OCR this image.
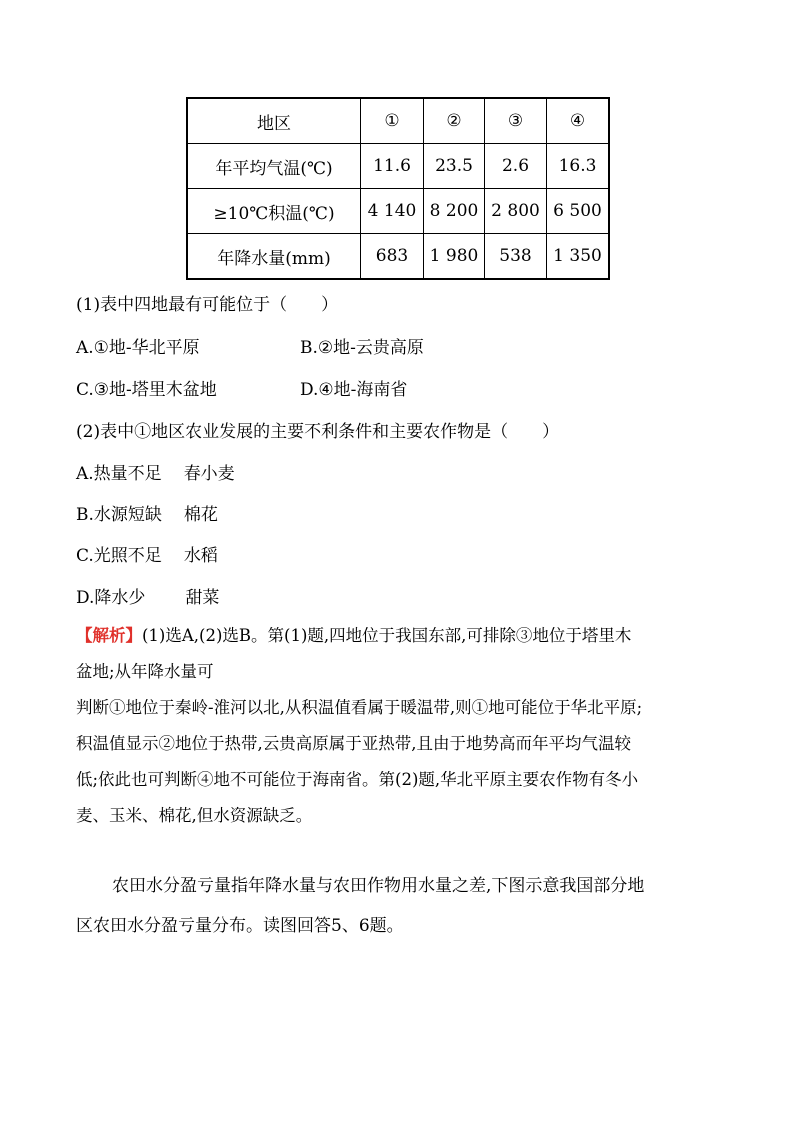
地区	①	②	③	④
年平均气温(℃)	11.6	23.5	2.6	16.3
≥10℃积温(℃)	4 140	8 200	2 800	6 500
年降水量(mm)	683	1 980	538	1 350
(1)表中四地最有可能位于（　　）
A.①地-华北平原	B.②地-云贵高原
C.③地-塔里木盆地	D.④地-海南省
(2)表中①地区农业发展的主要不利条件和主要农作物是（　　）
A.热量不足 春小麦
B.水源短缺 棉花
C.光照不足 水稻
D.降水少 甜菜

【解析】(1)选A,(2)选B。第(1)题,四地位于我国东部,可排除③地位于塔里木

盆地;从年降水量可

判断①地位于秦岭-淮河以北,从积温值看属于暖温带,则①地可能位于华北平原;

积温值显示②地位于热带,云贵高原属于亚热带,且由于地势高而年平均气温较

低;依此也可判断④地不可能位于海南省。第(2)题,华北平原主要农作物有冬小

麦、玉米、棉花,但水资源缺乏。

农田水分盈亏量指年降水量与农田作物用水量之差,下图示意我国部分地

区农田水分盈亏量分布。读图回答5、6题。
